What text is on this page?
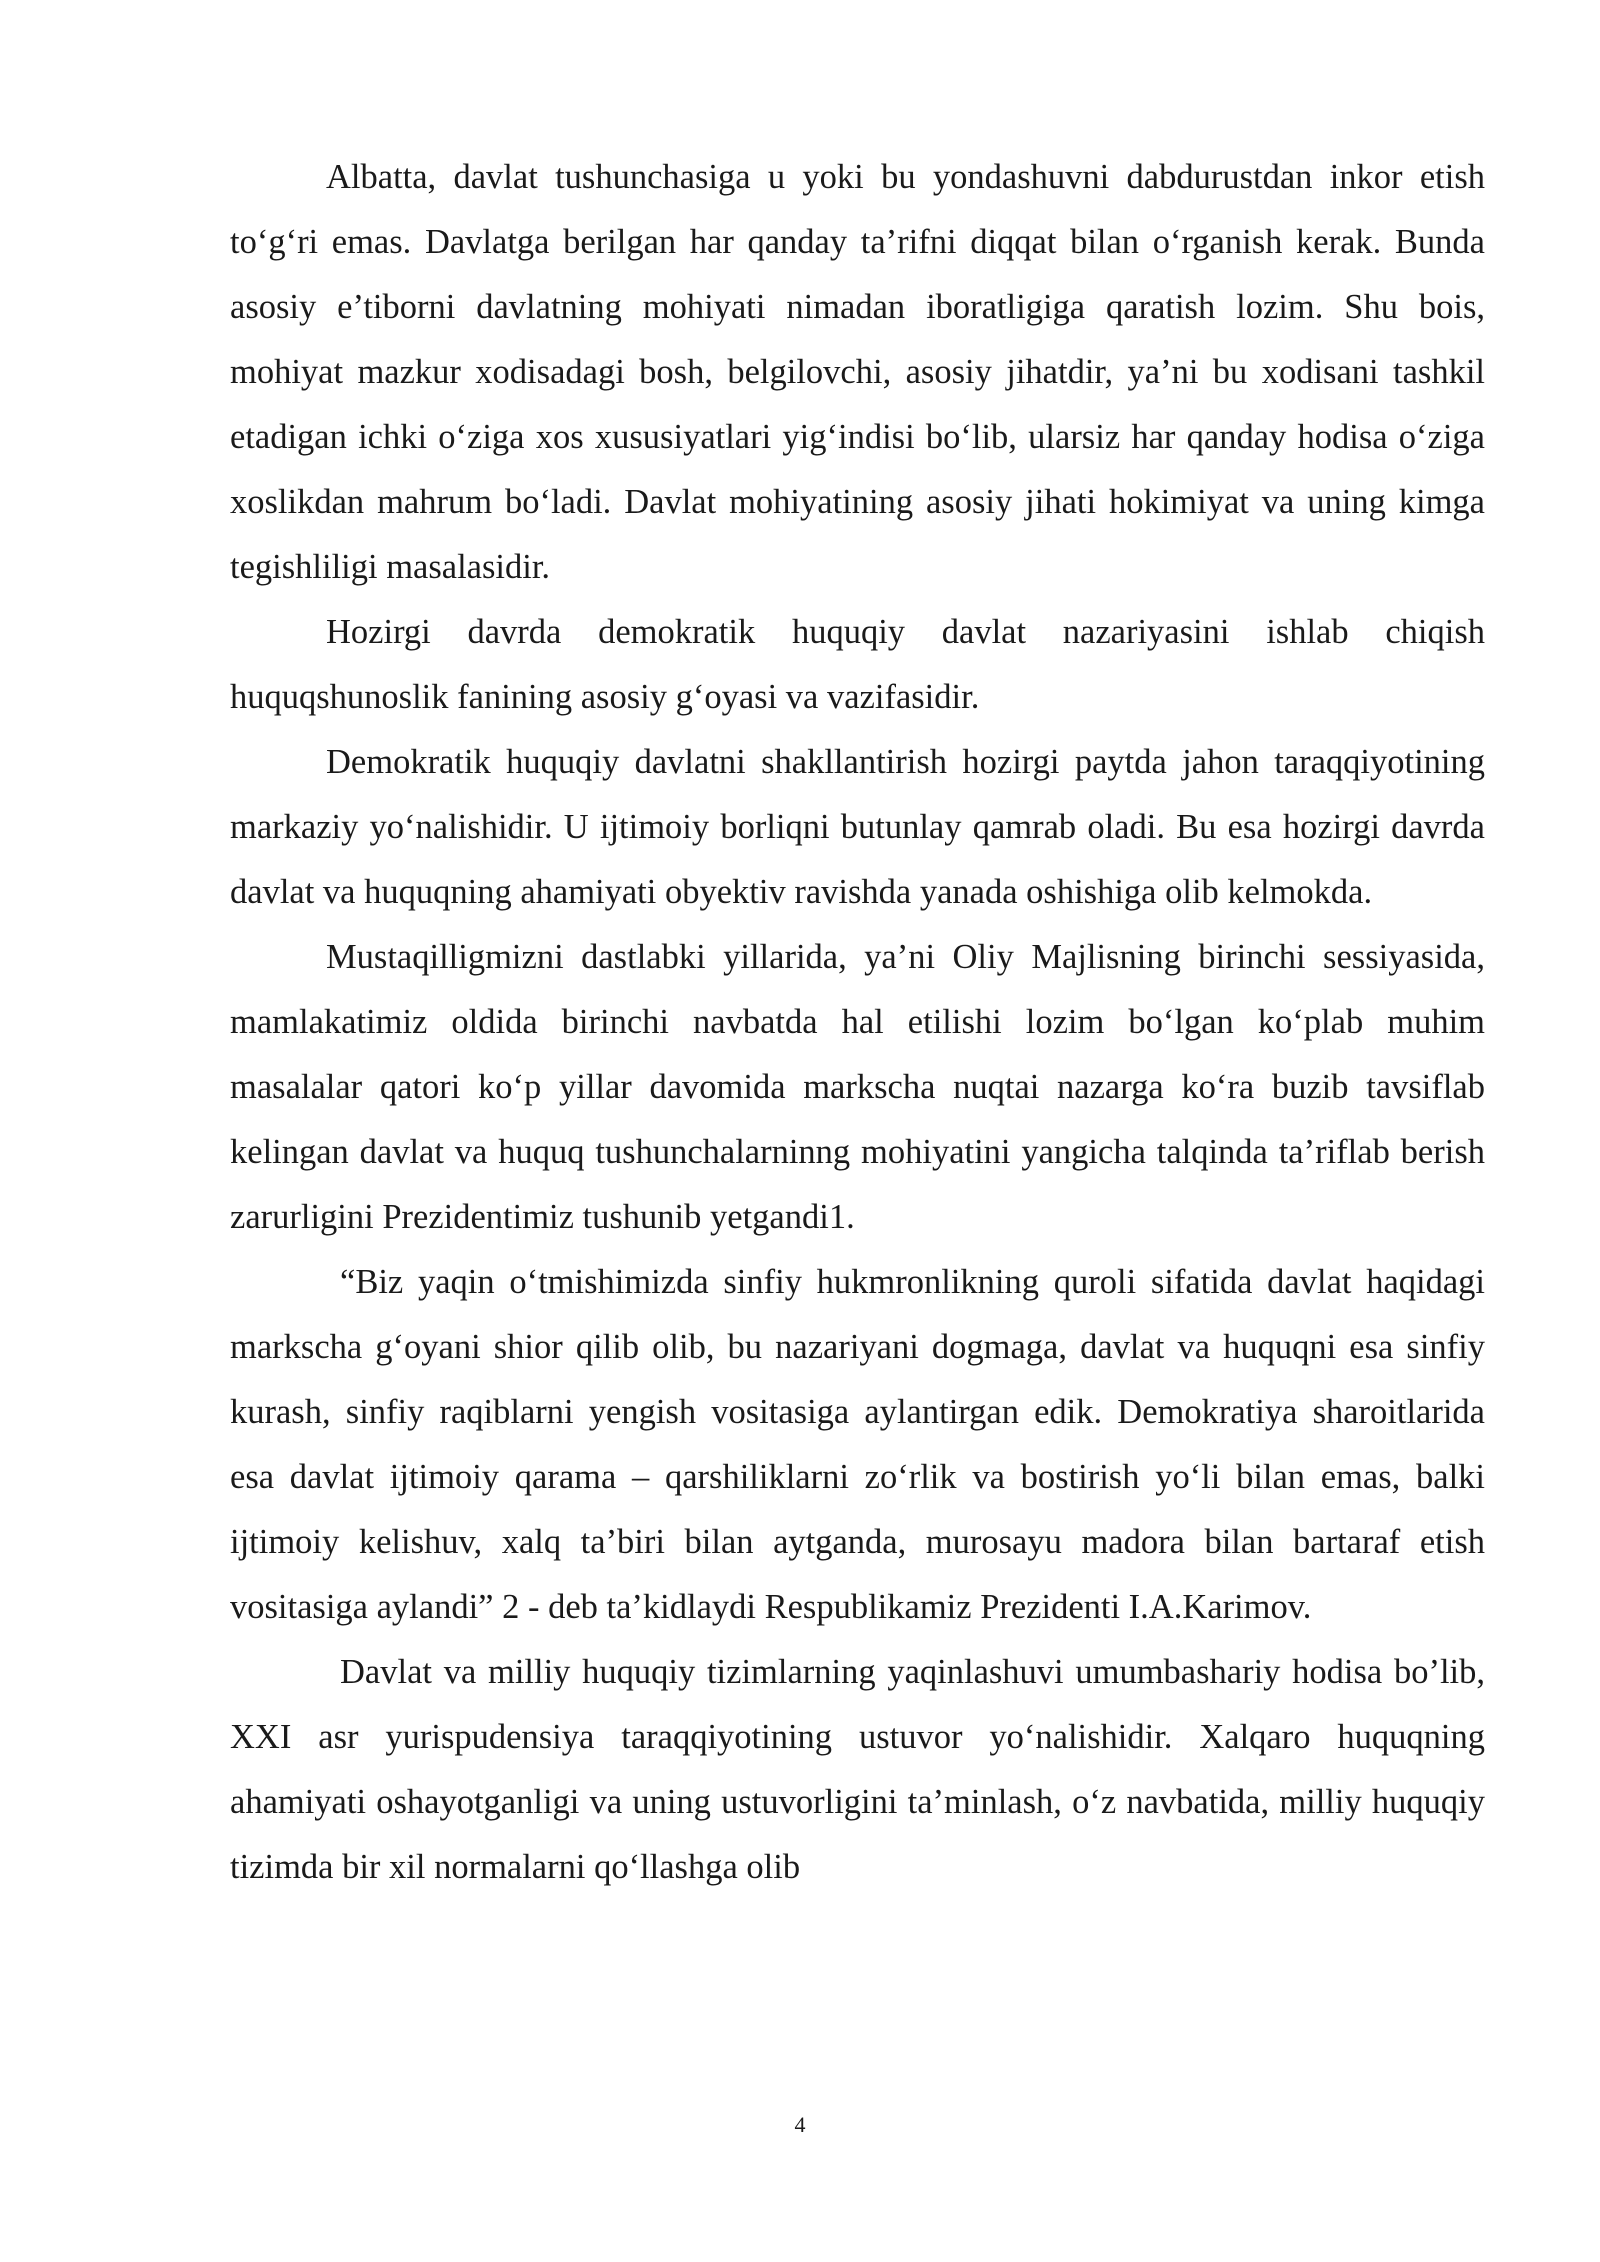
Albatta, davlat tushunchasiga u yoki bu yondashuvni dabdurustdan inkor etish to‘g‘ri emas. Davlatga berilgan har qanday ta’rifni diqqat bilan o‘rganish kerak. Bunda asosiy e’tiborni davlatning mohiyati nimadan iboratligiga qaratish lozim. Shu bois, mohiyat mazkur xodisadagi bosh, belgilovchi, asosiy jihatdir, ya’ni bu xodisani tashkil etadigan ichki o‘ziga xos xususiyatlari yig‘indisi bo‘lib, ularsiz har qanday hodisa o‘ziga xoslikdan mahrum bo‘ladi. Davlat mohiyatining asosiy jihati hokimiyat va uning kimga tegishliligi masalasidir.

Hozirgi davrda demokratik huquqiy davlat nazariyasini ishlab chiqish huquqshunoslik fanining asosiy g‘oyasi va vazifasidir.

Demokratik huquqiy davlatni shakllantirish hozirgi paytda jahon taraqqiyotining markaziy yo‘nalishidir. U ijtimoiy borliqni butunlay qamrab oladi. Bu esa hozirgi davrda davlat va huquqning ahamiyati obyektiv ravishda yanada oshishiga olib kelmokda.

Mustaqilligmizni dastlabki yillarida, ya’ni Oliy Majlisning birinchi sessiyasida, mamlakatimiz oldida birinchi navbatda hal etilishi lozim bo‘lgan ko‘plab muhim masalalar qatori ko‘p yillar davomida markscha nuqtai nazarga ko‘ra buzib tavsiflab kelingan davlat va huquq tushunchalarninng mohiyatini yangicha talqinda ta’riflab berish zarurligini Prezidentimiz tushunib yetgandi1.

“Biz yaqin o‘tmishimizda sinfiy hukmronlikning quroli sifatida davlat haqidagi markscha g‘oyani shior qilib olib, bu nazariyani dogmaga, davlat va huquqni esa sinfiy kurash, sinfiy raqiblarni yengish vositasiga aylantirgan edik. Demokratiya sharoitlarida esa davlat ijtimoiy qarama – qarshiliklarni zo‘rlik va bostirish yo‘li bilan emas, balki ijtimoiy kelishuv, xalq ta’biri bilan aytganda, murosayu madora bilan bartaraf etish vositasiga aylandi” 2 - deb ta’kidlaydi Respublikamiz Prezidenti I.A.Karimov.

Davlat va milliy huquqiy tizimlarning yaqinlashuvi umumbashariy hodisa bo’lib, XXI asr yurispudensiya taraqqiyotining ustuvor yo‘nalishidir. Xalqaro huquqning ahamiyati oshayotganligi va uning ustuvorligini ta’minlash, o‘z navbatida, milliy huquqiy tizimda bir xil normalarni qo‘llashga olib

4
